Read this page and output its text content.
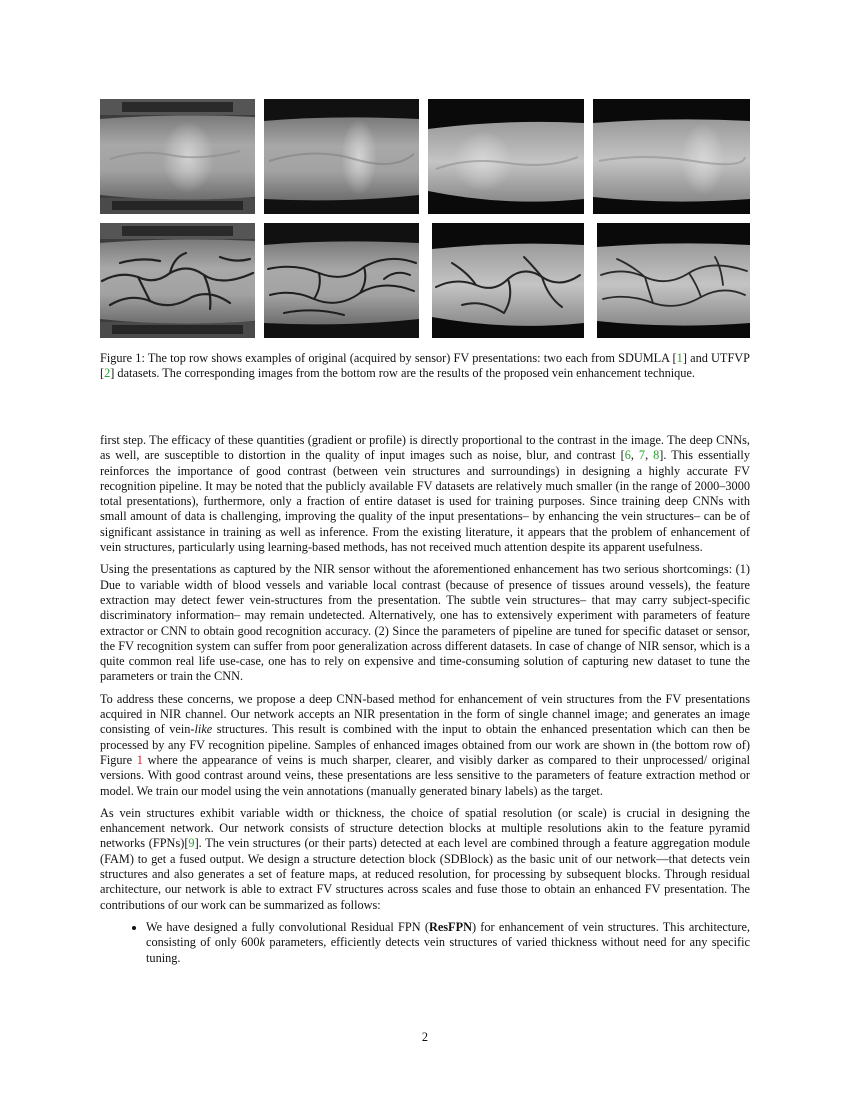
Figure 1: The top row shows examples of original (acquired by sensor) FV presentations: two each from SDUMLA [1] and UTFVP [2] datasets. The corresponding images from the bottom row are the results of the proposed vein enhancement technique.

first step. The efficacy of these quantities (gradient or profile) is directly proportional to the contrast in the image. The deep CNNs, as well, are susceptible to distortion in the quality of input images such as noise, blur, and contrast [6, 7, 8]. This essentially reinforces the importance of good contrast (between vein structures and surroundings) in designing a highly accurate FV recognition pipeline. It may be noted that the publicly available FV datasets are relatively much smaller (in the range of 2000–3000 total presentations), furthermore, only a fraction of entire dataset is used for training purposes. Since training deep CNNs with small amount of data is challenging, improving the quality of the input presentations– by enhancing the vein structures– can be of significant assistance in training as well as inference. From the existing literature, it appears that the problem of enhancement of vein structures, particularly using learning-based methods, has not received much attention despite its apparent usefulness.

Using the presentations as captured by the NIR sensor without the aforementioned enhancement has two serious shortcomings: (1) Due to variable width of blood vessels and variable local contrast (because of presence of tissues around vessels), the feature extraction may detect fewer vein-structures from the presentation. The subtle vein structures– that may carry subject-specific discriminatory information– may remain undetected. Alternatively, one has to extensively experiment with parameters of feature extractor or CNN to obtain good recognition accuracy. (2) Since the parameters of pipeline are tuned for specific dataset or sensor, the FV recognition system can suffer from poor generalization across different datasets. In case of change of NIR sensor, which is a quite common real life use-case, one has to rely on expensive and time-consuming solution of capturing new dataset to tune the parameters or train the CNN.

To address these concerns, we propose a deep CNN-based method for enhancement of vein structures from the FV presentations acquired in NIR channel. Our network accepts an NIR presentation in the form of single channel image; and generates an image consisting of vein-like structures. This result is combined with the input to obtain the enhanced presentation which can then be processed by any FV recognition pipeline. Samples of enhanced images obtained from our work are shown in (the bottom row of) Figure 1 where the appearance of veins is much sharper, clearer, and visibly darker as compared to their unprocessed/ original versions. With good contrast around veins, these presentations are less sensitive to the parameters of feature extraction method or model. We train our model using the vein annotations (manually generated binary labels) as the target.

As vein structures exhibit variable width or thickness, the choice of spatial resolution (or scale) is crucial in designing the enhancement network. Our network consists of structure detection blocks at multiple resolutions akin to the feature pyramid networks (FPNs)[9]. The vein structures (or their parts) detected at each level are combined through a feature aggregation module (FAM) to get a fused output. We design a structure detection block (SDBlock) as the basic unit of our network—that detects vein structures and also generates a set of feature maps, at reduced resolution, for processing by subsequent blocks. Through residual architecture, our network is able to extract FV structures across scales and fuse those to obtain an enhanced FV presentation. The contributions of our work can be summarized as follows:

• We have designed a fully convolutional Residual FPN (ResFPN) for enhancement of vein structures. This architecture, consisting of only 600k parameters, efficiently detects vein structures of varied thickness without need for any specific tuning.
2
